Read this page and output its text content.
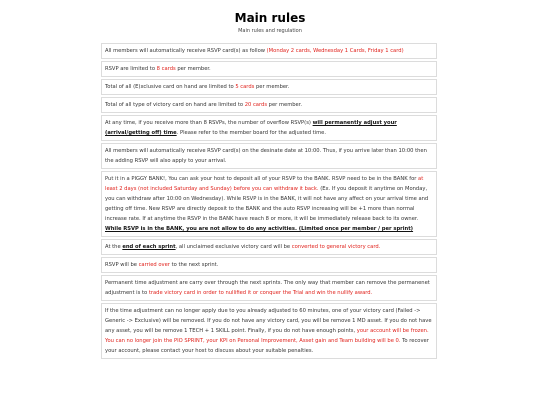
Main rules
Main rules and regulation
All members will automatically receive RSVP card(s) as follow (Monday 2 cards, Wednesday 1 Cards, Friday 1 card)
RSVP are limited to 8 cards per member.
Total of all (E)xclusive card on hand are limited to 5 cards per member.
Total of all type of victory card on hand are limited to 20 cards per member.
At any time, if you receive more than 8 RSVPs, the number of overflow RSVP(s) will permanently adjust your (arrival/getting off) time. Please refer to the member board for the adjusted time.
All members will automatically receive RSVP card(s) on the desinate date at 10:00. Thus, if you arrive later than 10:00 then the adding RSVP will also apply to your arrival.
Put it in a PIGGY BANK!, You can ask your host to deposit all of your RSVP to the BANK. RSVP need to be in the BANK for at least 2 days (not included Saturday and Sunday) before you can withdraw it back. (Ex. If you deposit it anytime on Monday, you can withdraw after 10:00 on Wednesday). While RSVP is in the BANK, it will not have any affect on your arrival time and getting off time. New RSVP are directly deposit to the BANK and the auto RSVP increasing will be +1 more than normal increase rate. If at anytime the RSVP in the BANK have reach 8 or more, it will be immediately release back to its owner. While RSVP is in the BANK, you are not allow to do any activities. (Limited once per member / per sprint)
At the end of each sprint, all unclaimed exclusive victory card will be converted to general victory card.
RSVP will be carried over to the next sprint.
Permanent time adjustment are carry over through the next sprints. The only way that member can remove the permanenet adjustment is to trade victory card in order to nullified it or conquer the Trial and win the nullify award.
If the time adjustment can no longer apply due to you already adjusted to 60 minutes, one of your victory card (Failed -> Generic -> Exclusive) will be removed. If you do not have any victory card, you will be remove 1 MD asset. If you do not have any asset, you will be remove 1 TECH + 1 SKILL point. Finally, if you do not have enough points, your account will be frozen. You can no longer join the PIO SPRINT, your KPI on Personal Improvement, Asset gain and Team building will be 0. To recover your account, please contact your host to discuss about your suitable penalties.
